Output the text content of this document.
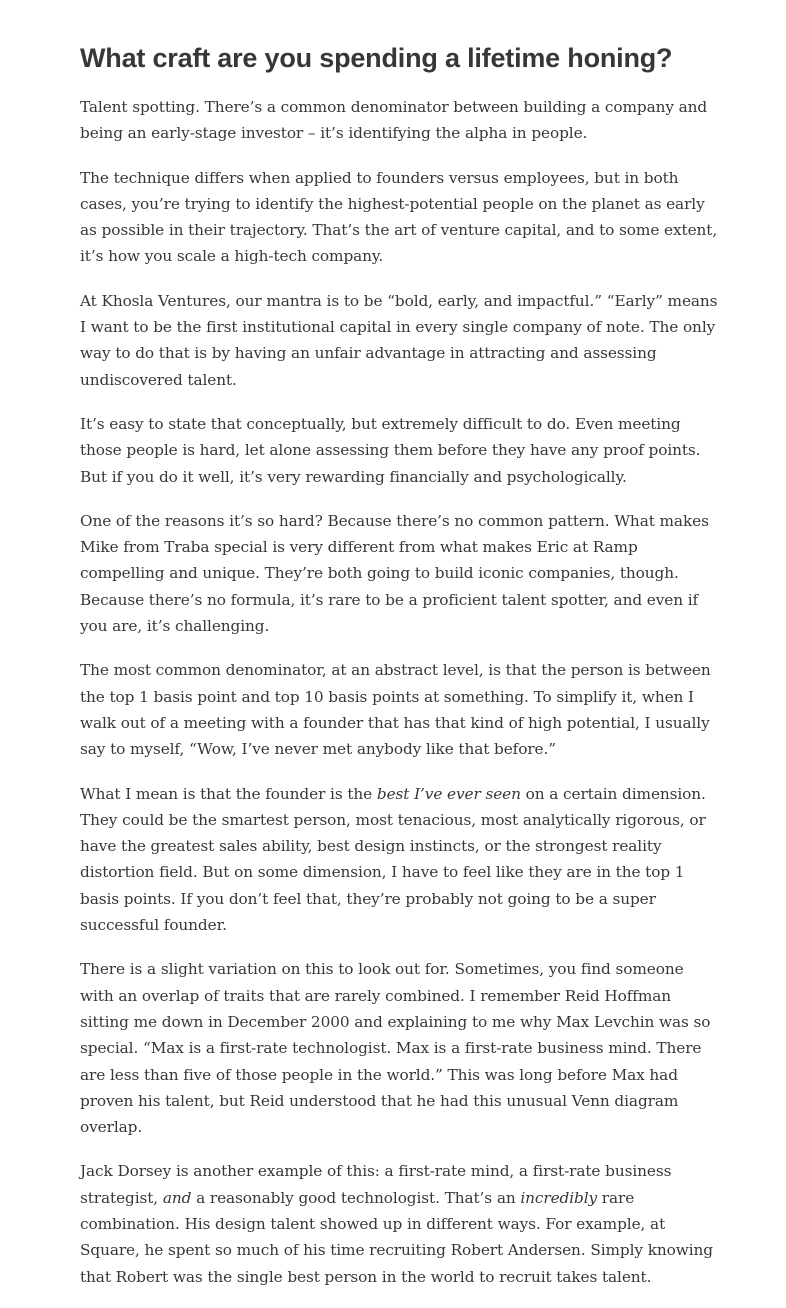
What craft are you spending a lifetime honing?

Talent spotting. There’s a common denominator between building a company and being an early-stage investor – it’s identifying the alpha in people.

The technique differs when applied to founders versus employees, but in both cases, you’re trying to identify the highest-potential people on the planet as early as possible in their trajectory. That’s the art of venture capital, and to some extent, it’s how you scale a high-tech company.

At Khosla Ventures, our mantra is to be “bold, early, and impactful.” “Early” means I want to be the first institutional capital in every single company of note. The only way to do that is by having an unfair advantage in attracting and assessing undiscovered talent.

It’s easy to state that conceptually, but extremely difficult to do. Even meeting those people is hard, let alone assessing them before they have any proof points. But if you do it well, it’s very rewarding financially and psychologically.

One of the reasons it’s so hard? Because there’s no common pattern. What makes Mike from Traba special is very different from what makes Eric at Ramp compelling and unique. They’re both going to build iconic companies, though. Because there’s no formula, it’s rare to be a proficient talent spotter, and even if you are, it’s challenging.

The most common denominator, at an abstract level, is that the person is between the top 1 basis point and top 10 basis points at something. To simplify it, when I walk out of a meeting with a founder that has that kind of high potential, I usually say to myself, “Wow, I’ve never met anybody like that before.”

What I mean is that the founder is the best I’ve ever seen on a certain dimension. They could be the smartest person, most tenacious, most analytically rigorous, or have the greatest sales ability, best design instincts, or the strongest reality distortion field. But on some dimension, I have to feel like they are in the top 1 basis points. If you don’t feel that, they’re probably not going to be a super successful founder.

There is a slight variation on this to look out for. Sometimes, you find someone with an overlap of traits that are rarely combined. I remember Reid Hoffman sitting me down in December 2000 and explaining to me why Max Levchin was so special. “Max is a first-rate technologist. Max is a first-rate business mind. There are less than five of those people in the world.” This was long before Max had proven his talent, but Reid understood that he had this unusual Venn diagram overlap.

Jack Dorsey is another example of this: a first-rate mind, a first-rate business strategist, and a reasonably good technologist. That’s an incredibly rare combination. His design talent showed up in different ways. For example, at Square, he spent so much of his time recruiting Robert Andersen. Simply knowing that Robert was the single best person in the world to recruit takes talent.
